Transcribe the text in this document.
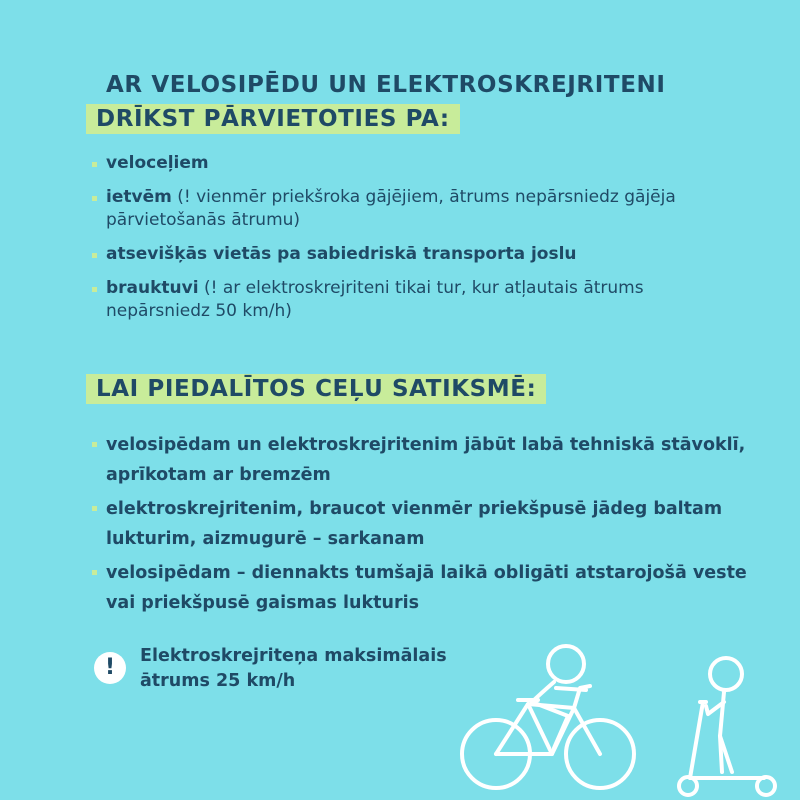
AR VELOSIPĒDU UN ELEKTROSKREJRITENI
DRĪKST PĀRVIETOTIES PA:
veloceļiem
ietvēm (! vienmēr priekšroka gājējiem, ātrums nepārsniedz gājēja pārvietošanās ātrumu)
atsevišķās vietās pa sabiedriskā transporta joslu
brauktuvi (! ar elektroskrejriteni tikai tur, kur atļautais ātrums nepārsniedz 50 km/h)
LAI PIEDALĪTOS CEĻU SATIKSMĒ:
velosipēdam un elektroskrejritenim jābūt labā tehniskā stāvoklī, aprīkotam ar bremzēm
elektroskrejritenim, braucot vienmēr priekšpusē jādeg baltam lukturim, aizmugurē – sarkanam
velosipēdam – diennakts tumšajā laikā obligāti atstarojošā veste vai priekšpusē gaismas lukturis
!	Elektroskrejriteņa maksimālais ātrums 25 km/h
